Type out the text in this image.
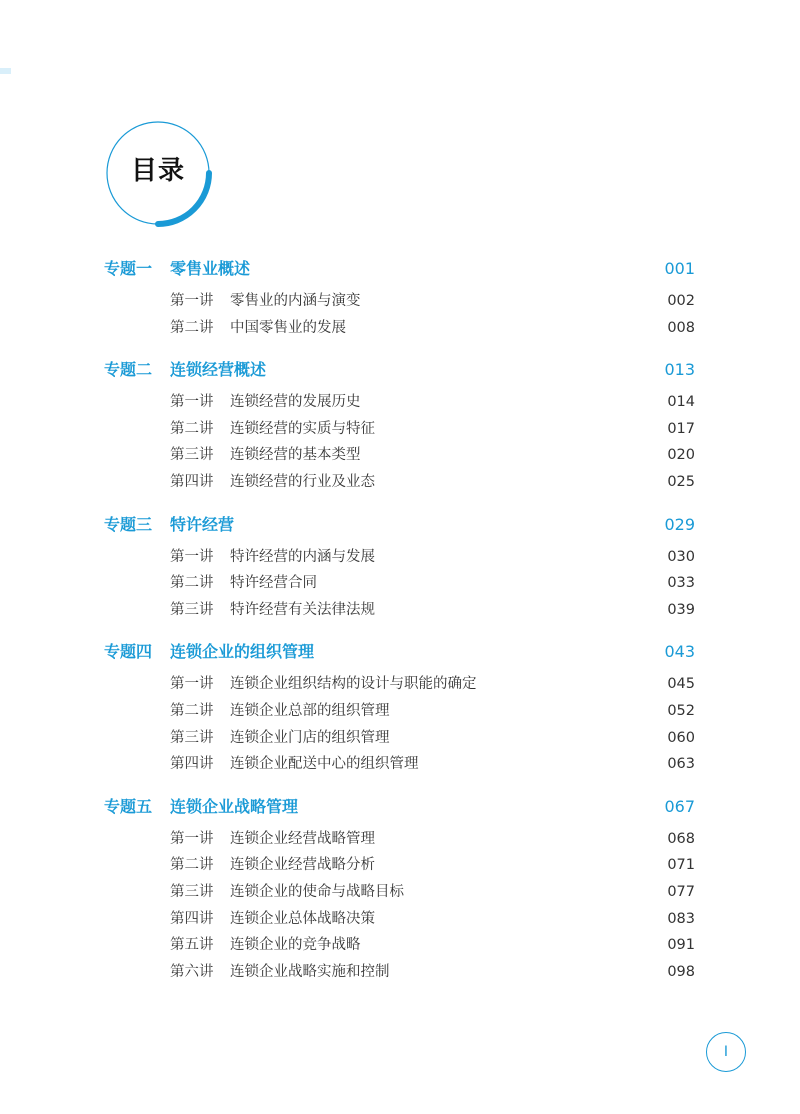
目录
专题一 零售业概述	001
第一讲 零售业的内涵与演变	002
第二讲 中国零售业的发展	008
专题二 连锁经营概述	013
第一讲 连锁经营的发展历史	014
第二讲 连锁经营的实质与特征	017
第三讲 连锁经营的基本类型	020
第四讲 连锁经营的行业及业态	025
专题三 特许经营	029
第一讲 特许经营的内涵与发展	030
第二讲 特许经营合同	033
第三讲 特许经营有关法律法规	039
专题四 连锁企业的组织管理	043
第一讲 连锁企业组织结构的设计与职能的确定	045
第二讲 连锁企业总部的组织管理	052
第三讲 连锁企业门店的组织管理	060
第四讲 连锁企业配送中心的组织管理	063
专题五 连锁企业战略管理	067
第一讲 连锁企业经营战略管理	068
第二讲 连锁企业经营战略分析	071
第三讲 连锁企业的使命与战略目标	077
第四讲 连锁企业总体战略决策	083
第五讲 连锁企业的竞争战略	091
第六讲 连锁企业战略实施和控制	098
I
